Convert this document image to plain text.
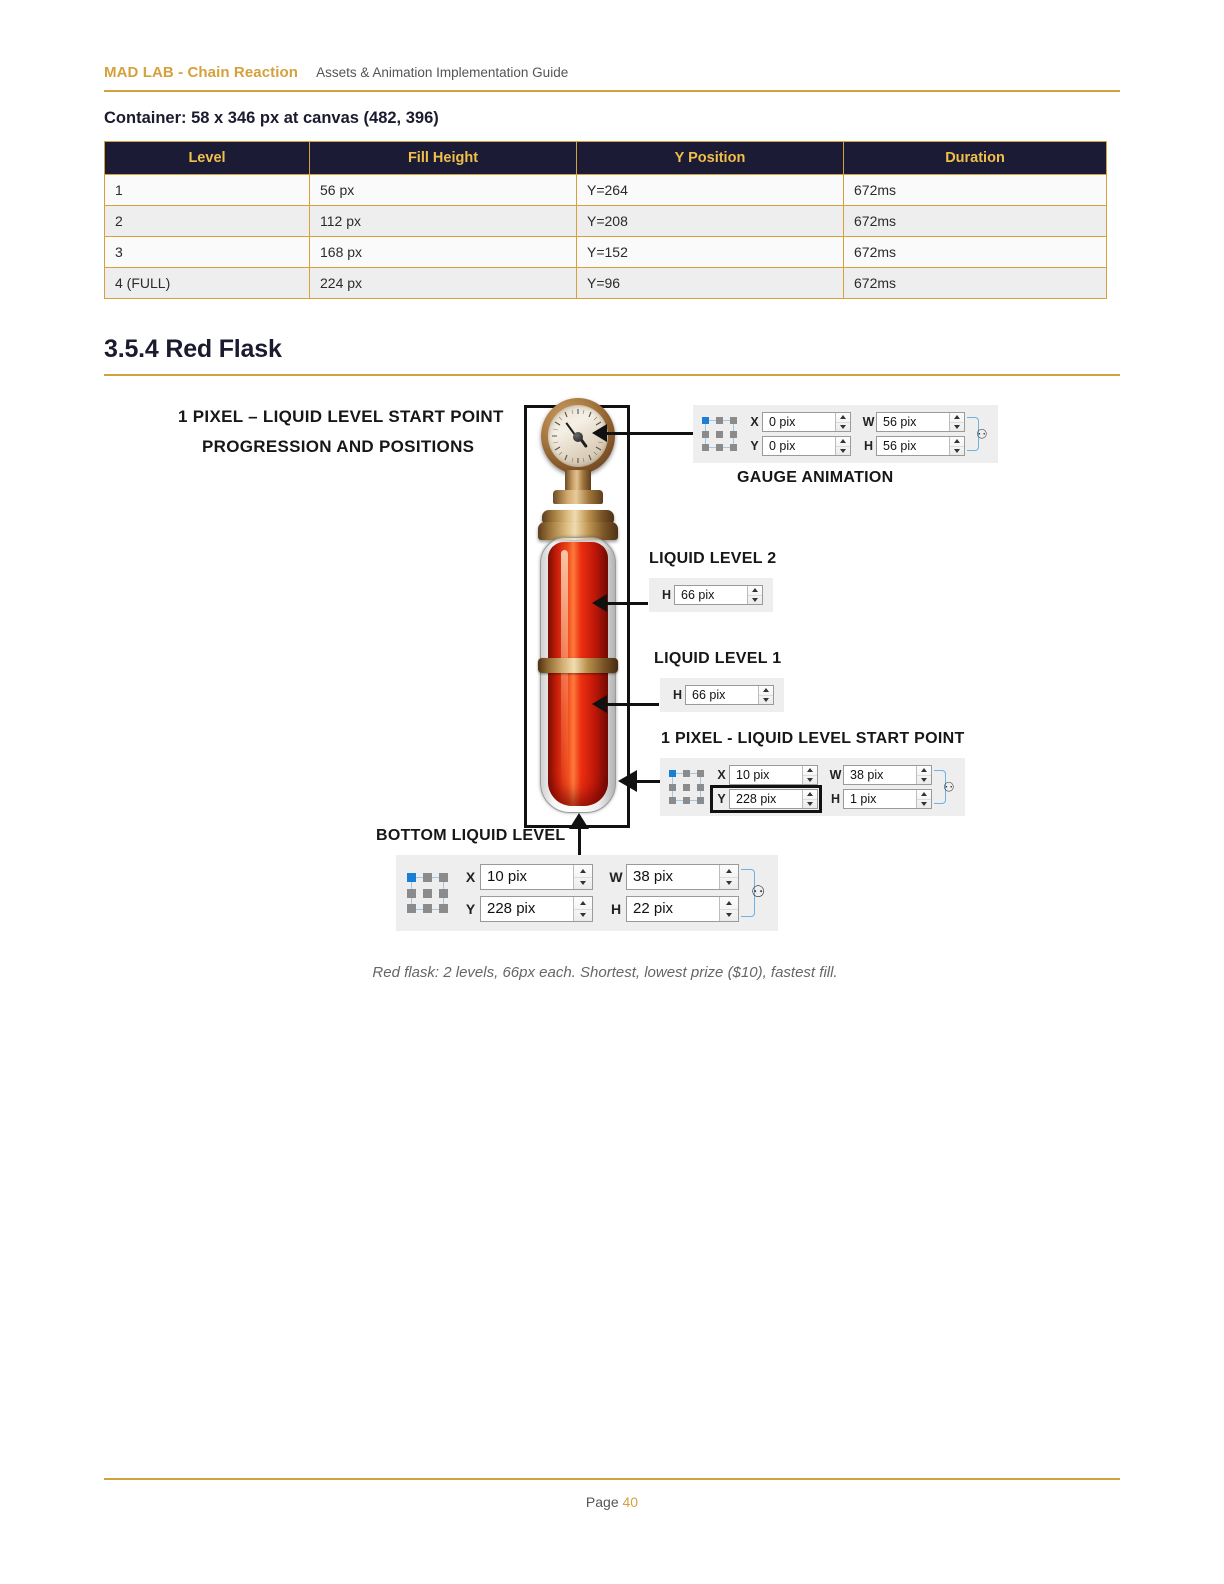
MAD LAB - Chain Reaction Assets & Animation Implementation Guide
Container: 58 x 346 px at canvas (482, 396)
Level	Fill Height	Y Position	Duration
1	56 px	Y=264	672ms
2	112 px	Y=208	672ms
3	168 px	Y=152	672ms
4 (FULL)	224 px	Y=96	672ms
3.5.4 Red Flask
1 PIXEL – LIQUID LEVEL START POINT
PROGRESSION AND POSITIONS
X 0 pix
Y 0 pix
W 56 pix
H 56 pix
⚇
GAUGE ANIMATION
LIQUID LEVEL 2
H 66 pix
LIQUID LEVEL 1
H 66 pix
1 PIXEL - LIQUID LEVEL START POINT
X 10 pix
Y 228 pix
W 38 pix
H 1 pix
⚇
BOTTOM LIQUID LEVEL
X 10 pix
Y 228 pix
W 38 pix
H 22 pix
⚇
Red flask: 2 levels, 66px each. Shortest, lowest prize ($10), fastest fill.
Page 40
